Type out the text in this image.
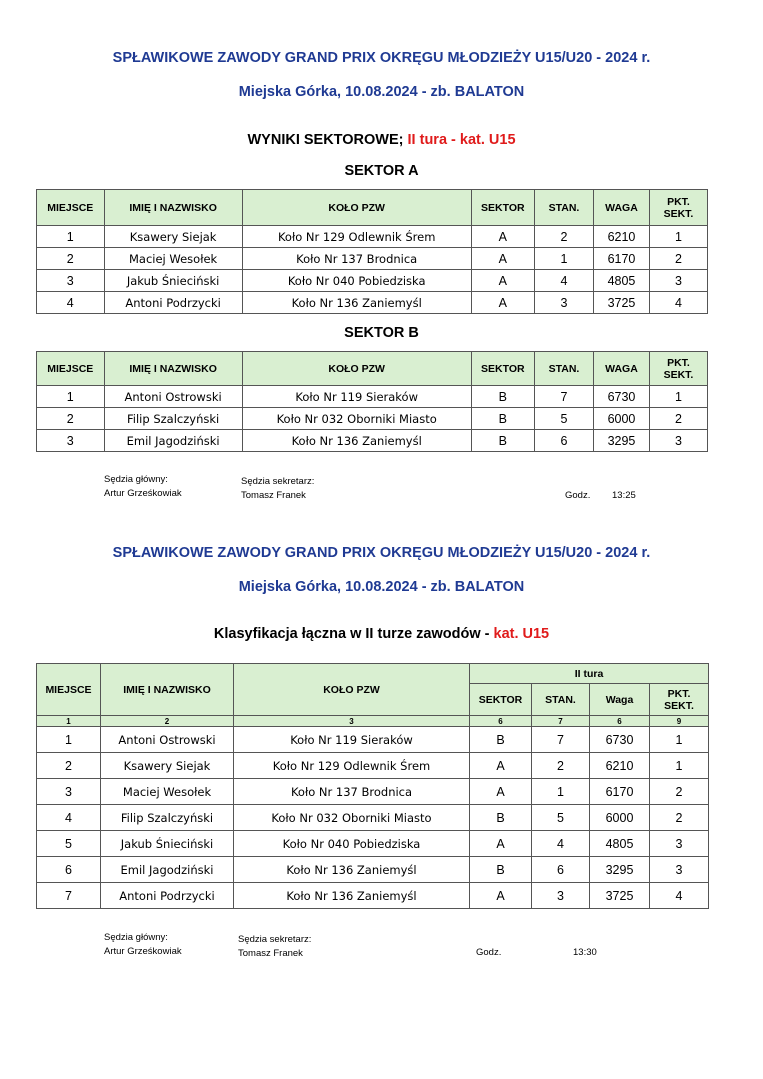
SPŁAWIKOWE ZAWODY GRAND PRIX OKRĘGU MŁODZIEŻY U15/U20 - 2024 r.
Miejska Górka, 10.08.2024 - zb. BALATON
WYNIKI SEKTOROWE; II tura - kat. U15
SEKTOR A
MIEJSCE	IMIĘ I NAZWISKO	KOŁO PZW	SEKTOR	STAN.	WAGA	PKT.
SEKT.
1	Ksawery Siejak	Koło Nr 129 Odlewnik Śrem	A	2	6210	1
2	Maciej Wesołek	Koło Nr 137 Brodnica	A	1	6170	2
3	Jakub Śnieciński	Koło Nr 040 Pobiedziska	A	4	4805	3
4	Antoni Podrzycki	Koło Nr 136 Zaniemyśl	A	3	3725	4
SEKTOR B
MIEJSCE	IMIĘ I NAZWISKO	KOŁO PZW	SEKTOR	STAN.	WAGA	PKT.
SEKT.
1	Antoni Ostrowski	Koło Nr 119 Sieraków	B	7	6730	1
2	Filip Szalczyński	Koło Nr 032 Oborniki Miasto	B	5	6000	2
3	Emil Jagodziński	Koło Nr 136 Zaniemyśl	B	6	3295	3
Sędzia główny:
Artur Grześkowiak
Sędzia sekretarz:
Tomasz Franek	Godz. 13:25
SPŁAWIKOWE ZAWODY GRAND PRIX OKRĘGU MŁODZIEŻY U15/U20 - 2024 r.
Miejska Górka, 10.08.2024 - zb. BALATON
Klasyfikacja łączna w II turze zawodów - kat. U15
MIEJSCE	IMIĘ I NAZWISKO	KOŁO PZW	II tura			
			SEKTOR	STAN.	Waga	PKT.
SEKT.
1	2	3	6	7	6	9
1	Antoni Ostrowski	Koło Nr 119 Sieraków	B	7	6730	1
2	Ksawery Siejak	Koło Nr 129 Odlewnik Śrem	A	2	6210	1
3	Maciej Wesołek	Koło Nr 137 Brodnica	A	1	6170	2
4	Filip Szalczyński	Koło Nr 032 Oborniki Miasto	B	5	6000	2
5	Jakub Śnieciński	Koło Nr 040 Pobiedziska	A	4	4805	3
6	Emil Jagodziński	Koło Nr 136 Zaniemyśl	B	6	3295	3
7	Antoni Podrzycki	Koło Nr 136 Zaniemyśl	A	3	3725	4
Sędzia główny:
Artur Grześkowiak
Sędzia sekretarz:
Tomasz Franek	Godz.	13:30
